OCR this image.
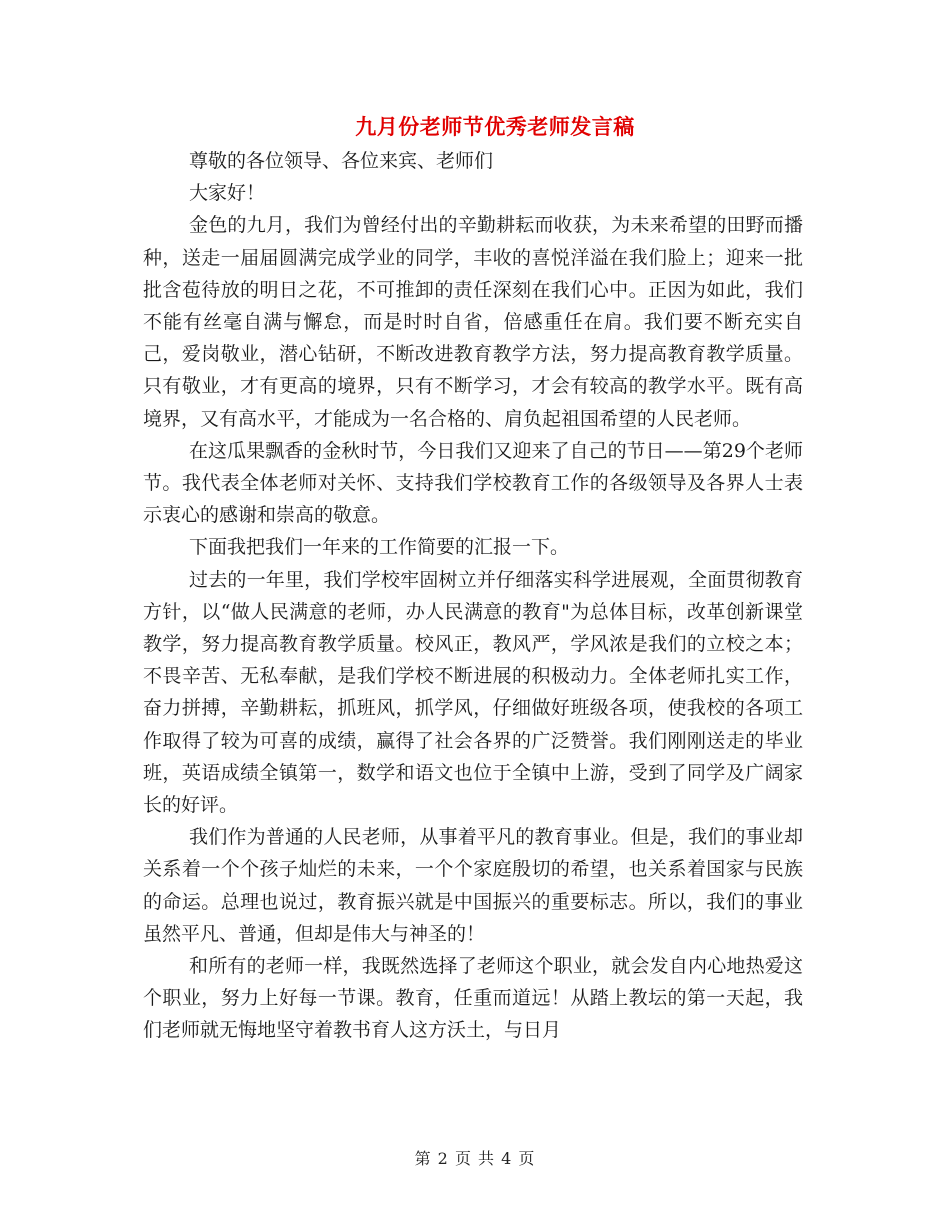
九月份老师节优秀老师发言稿

尊敬的各位领导、各位来宾、老师们

大家好！

金色的九月，我们为曾经付出的辛勤耕耘而收获，为未来希望的田野而播种，送走一届届圆满完成学业的同学，丰收的喜悦洋溢在我们脸上；迎来一批批含苞待放的明日之花，不可推卸的责任深刻在我们心中。正因为如此，我们不能有丝毫自满与懈怠，而是时时自省，倍感重任在肩。我们要不断充实自己，爱岗敬业，潜心钻研，不断改进教育教学方法，努力提高教育教学质量。只有敬业，才有更高的境界，只有不断学习，才会有较高的教学水平。既有高境界，又有高水平，才能成为一名合格的、肩负起祖国希望的人民老师。

在这瓜果飘香的金秋时节，今日我们又迎来了自己的节日——第29个老师节。我代表全体老师对关怀、支持我们学校教育工作的各级领导及各界人士表示衷心的感谢和崇高的敬意。

下面我把我们一年来的工作简要的汇报一下。

过去的一年里，我们学校牢固树立并仔细落实科学进展观，全面贯彻教育方针，以“做人民满意的老师，办人民满意的教育"为总体目标，改革创新课堂教学，努力提高教育教学质量。校风正，教风严，学风浓是我们的立校之本；不畏辛苦、无私奉献，是我们学校不断进展的积极动力。全体老师扎实工作，奋力拼搏，辛勤耕耘，抓班风，抓学风，仔细做好班级各项，使我校的各项工作取得了较为可喜的成绩，赢得了社会各界的广泛赞誉。我们刚刚送走的毕业班，英语成绩全镇第一，数学和语文也位于全镇中上游，受到了同学及广阔家长的好评。

我们作为普通的人民老师，从事着平凡的教育事业。但是，我们的事业却关系着一个个孩子灿烂的未来，一个个家庭殷切的希望，也关系着国家与民族的命运。总理也说过，教育振兴就是中国振兴的重要标志。所以，我们的事业虽然平凡、普通，但却是伟大与神圣的！

和所有的老师一样，我既然选择了老师这个职业，就会发自内心地热爱这个职业，努力上好每一节课。教育，任重而道远！从踏上教坛的第一天起，我们老师就无悔地坚守着教书育人这方沃土，与日月

第 2 页 共 4 页
